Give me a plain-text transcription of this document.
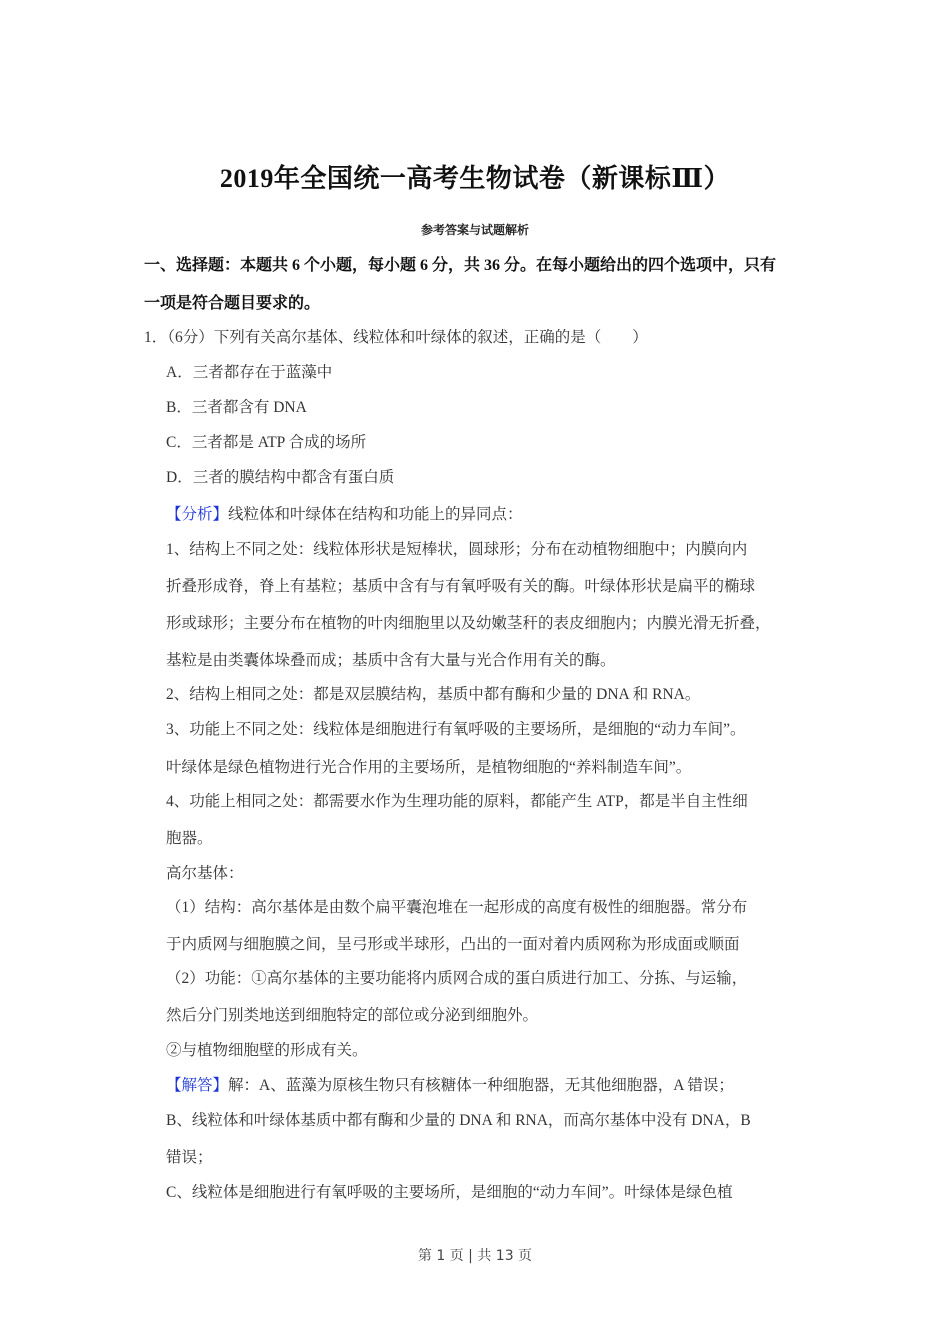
2019年全国统一高考生物试卷（新课标Ⅲ）
参考答案与试题解析
一、选择题：本题共 6 个小题，每小题 6 分，共 36 分。在每小题给出的四个选项中，只有
一项是符合题目要求的。
1．（6分）下列有关高尔基体、线粒体和叶绿体的叙述，正确的是（　　）
A．三者都存在于蓝藻中
B．三者都含有 DNA
C．三者都是 ATP 合成的场所
D．三者的膜结构中都含有蛋白质
【分析】线粒体和叶绿体在结构和功能上的异同点：
1、结构上不同之处：线粒体形状是短棒状，圆球形；分布在动植物细胞中；内膜向内
折叠形成脊，脊上有基粒；基质中含有与有氧呼吸有关的酶。叶绿体形状是扁平的椭球
形或球形；主要分布在植物的叶肉细胞里以及幼嫩茎秆的表皮细胞内；内膜光滑无折叠，
基粒是由类囊体垛叠而成；基质中含有大量与光合作用有关的酶。
2、结构上相同之处：都是双层膜结构，基质中都有酶和少量的 DNA 和 RNA。
3、功能上不同之处：线粒体是细胞进行有氧呼吸的主要场所，是细胞的“动力车间”。
叶绿体是绿色植物进行光合作用的主要场所，是植物细胞的“养料制造车间”。
4、功能上相同之处：都需要水作为生理功能的原料，都能产生 ATP，都是半自主性细
胞器。
高尔基体：
（1）结构：高尔基体是由数个扁平囊泡堆在一起形成的高度有极性的细胞器。常分布
于内质网与细胞膜之间，呈弓形或半球形，凸出的一面对着内质网称为形成面或顺面
（2）功能：①高尔基体的主要功能将内质网合成的蛋白质进行加工、分拣、与运输，
然后分门别类地送到细胞特定的部位或分泌到细胞外。
②与植物细胞壁的形成有关。
【解答】解：A、蓝藻为原核生物只有核糖体一种细胞器，无其他细胞器，A 错误；
B、线粒体和叶绿体基质中都有酶和少量的 DNA 和 RNA，而高尔基体中没有 DNA，B
错误；
C、线粒体是细胞进行有氧呼吸的主要场所，是细胞的“动力车间”。叶绿体是绿色植
第 1 页 | 共 13 页
